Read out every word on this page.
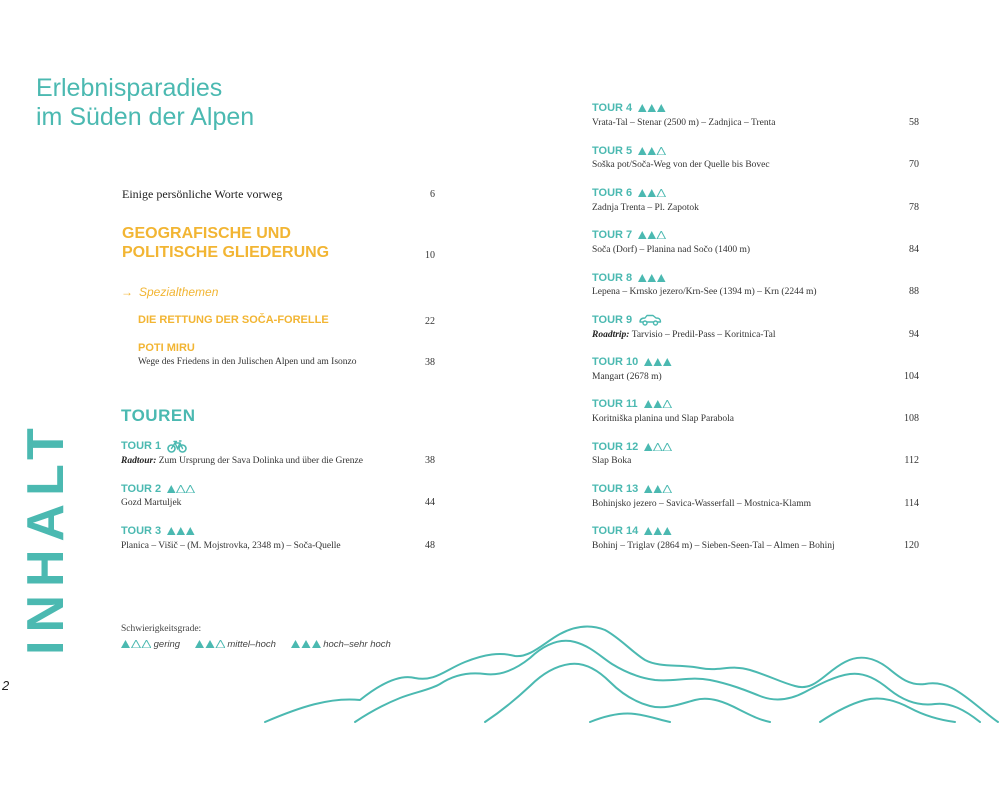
Erlebnisparadies
im Süden der Alpen
INHALT
2
Einige persönliche Worte vorweg	6
GEOGRAFISCHE UND
POLITISCHE GLIEDERUNG	10
→ Spezialthemen
DIE RETTUNG DER SOČA-FORELLE	22
POTI MIRU
Wege des Friedens in den Julischen Alpen und am Isonzo	38
TOUREN
TOUR 1
Radtour: Zum Ursprung der Sava Dolinka und über die Grenze	38
TOUR 2
Gozd Martuljek	44
TOUR 3
Planica – Višič – (M. Mojstrovka, 2348 m) – Soča-Quelle	48
TOUR 4
Vrata-Tal – Stenar (2500 m) – Zadnjica – Trenta	58
TOUR 5
Soška pot/Soča-Weg von der Quelle bis Bovec	70
TOUR 6
Zadnja Trenta – Pl. Zapotok	78
TOUR 7
Soča (Dorf) – Planina nad Sočo (1400 m)	84
TOUR 8
Lepena – Krnsko jezero/Krn-See (1394 m) – Krn (2244 m)	88
TOUR 9
Roadtrip: Tarvisio – Predil-Pass – Koritnica-Tal	94
TOUR 10
Mangart (2678 m)	104
TOUR 11
Koritniška planina und Slap Parabola	108
TOUR 12
Slap Boka	112
TOUR 13
Bohinjsko jezero – Savica-Wasserfall – Mostnica-Klamm	114
TOUR 14
Bohinj – Triglav (2864 m) – Sieben-Seen-Tal – Almen – Bohinj	120
Schwierigkeitsgrade:
gering	mittel–hoch	hoch–sehr hoch
